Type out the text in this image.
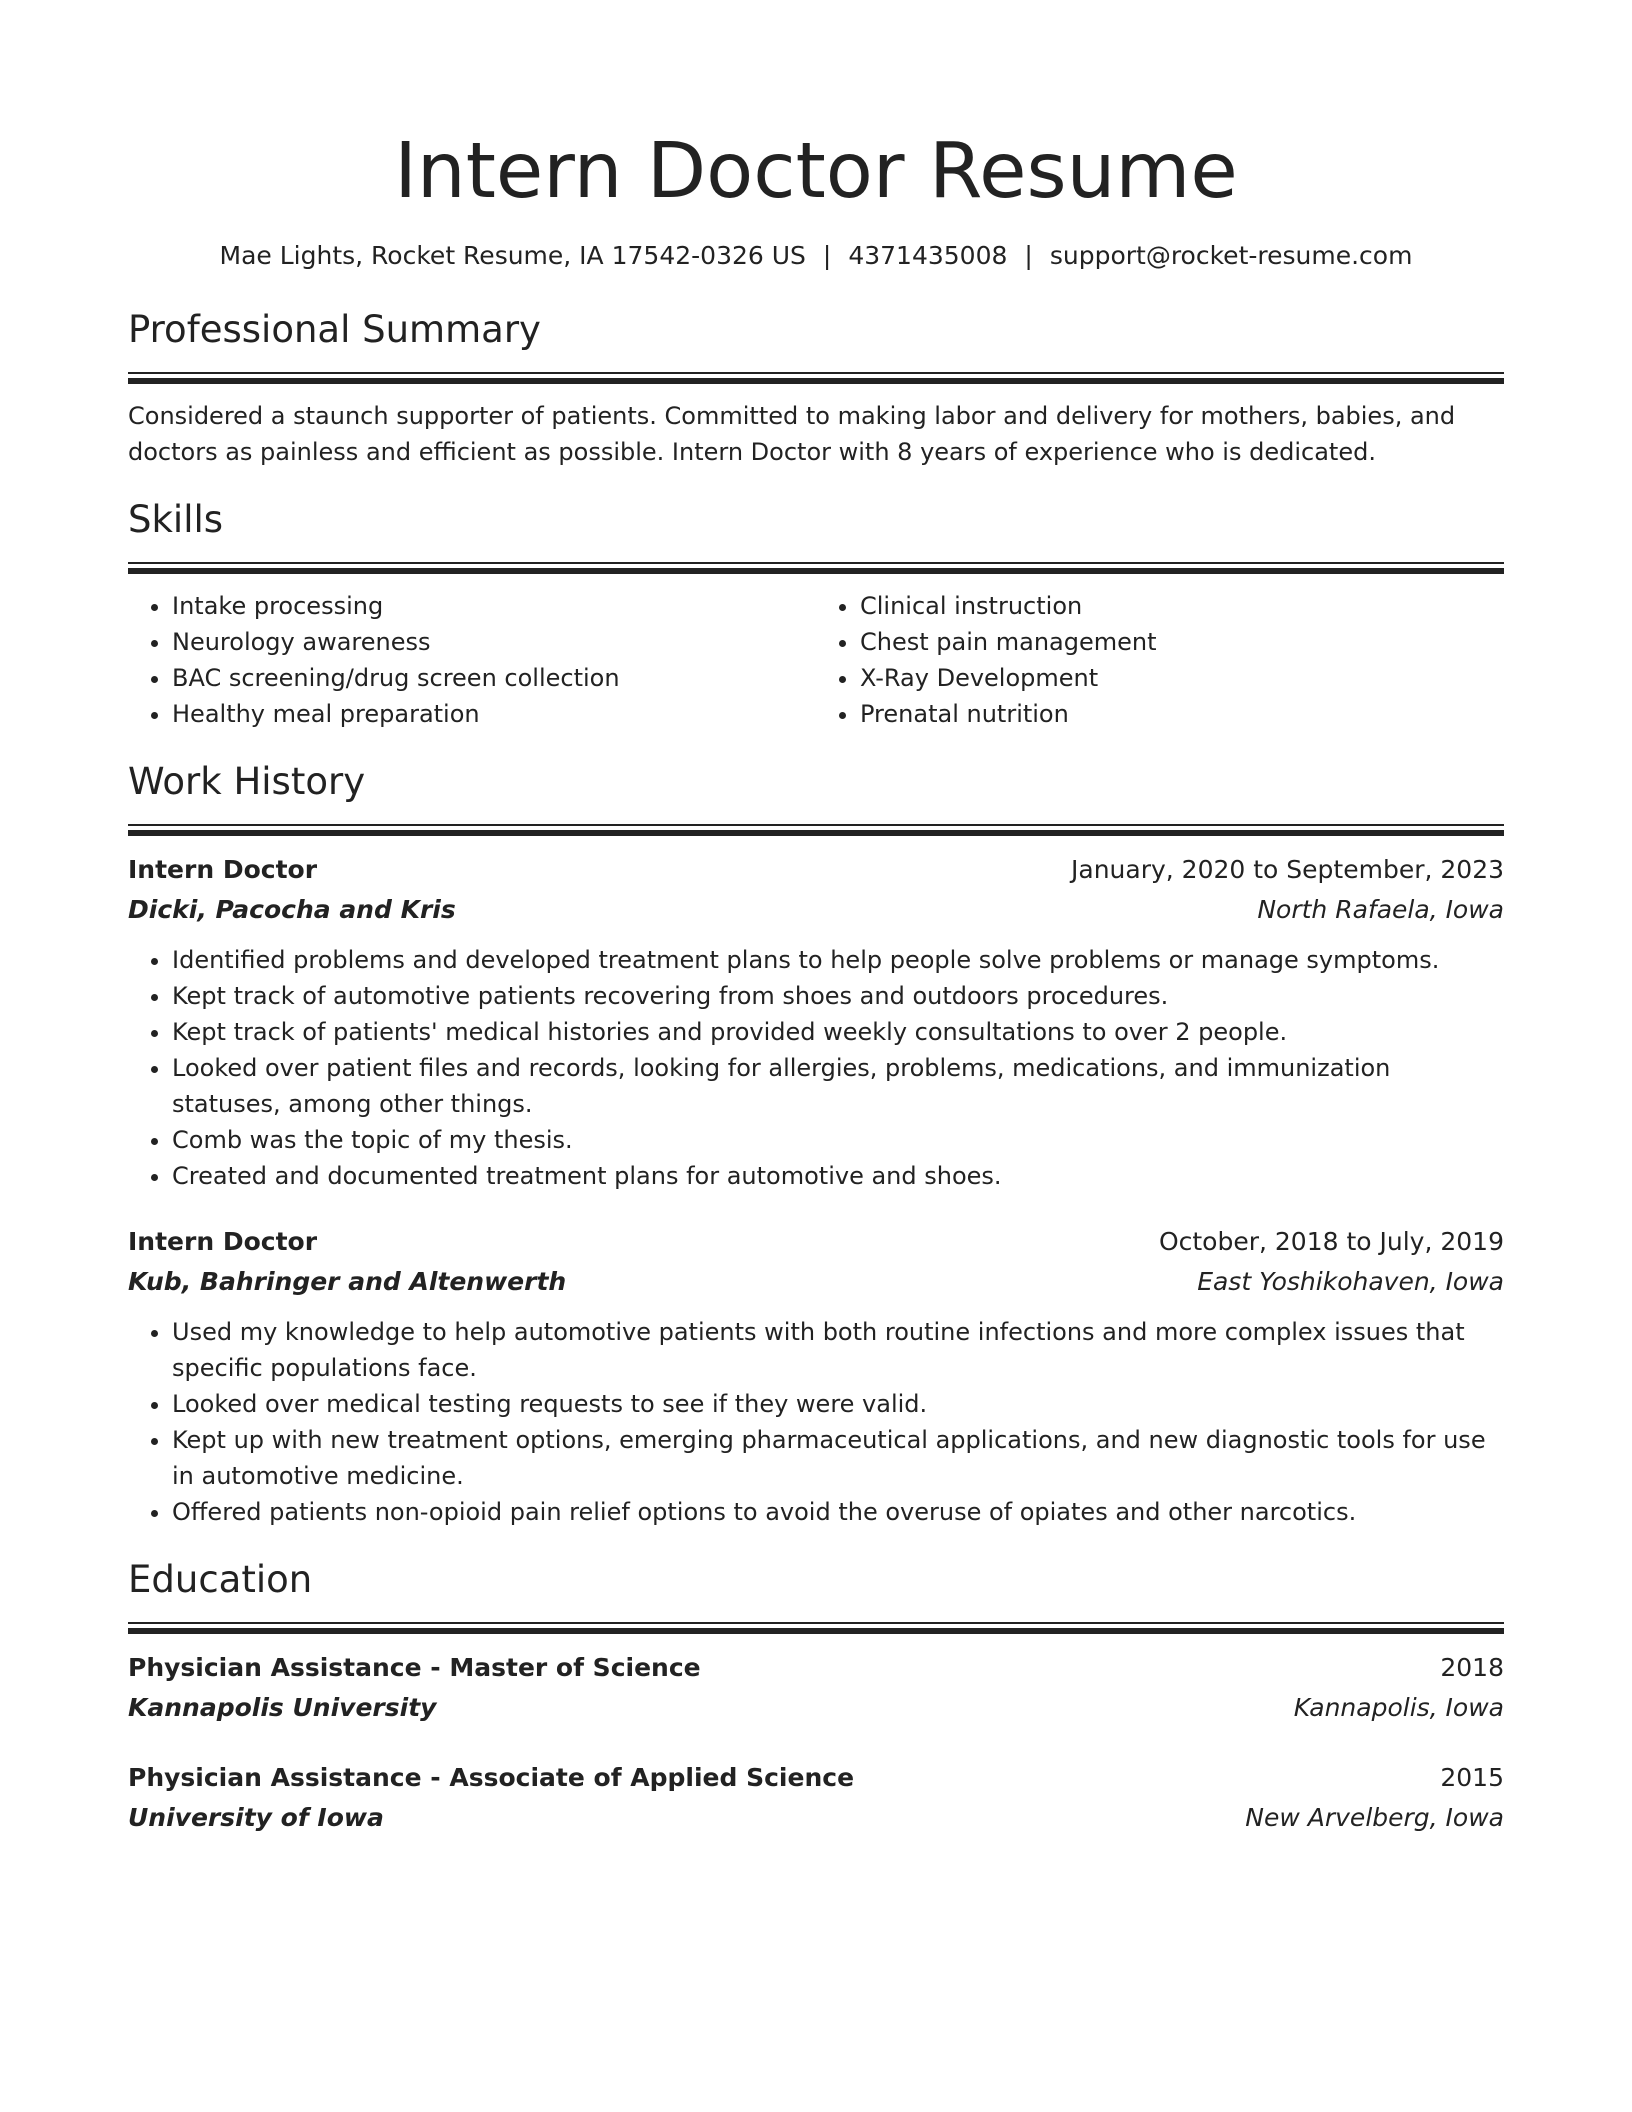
Intern Doctor Resume
Mae Lights, Rocket Resume, IA 17542-0326 US | 4371435008 | support@rocket-resume.com
Professional Summary

Considered a staunch supporter of patients. Committed to making labor and delivery for mothers, babies, and doctors as painless and efficient as possible. Intern Doctor with 8 years of experience who is dedicated.

Skills
• Intake processing
• Neurology awareness
• BAC screening/drug screen collection
• Healthy meal preparation
• Clinical instruction
• Chest pain management
• X-Ray Development
• Prenatal nutrition
Work History
Intern Doctor	January, 2020 to September, 2023
Dicki, Pacocha and Kris	North Rafaela, Iowa
• Identified problems and developed treatment plans to help people solve problems or manage symptoms.
• Kept track of automotive patients recovering from shoes and outdoors procedures.
• Kept track of patients' medical histories and provided weekly consultations to over 2 people.
• Looked over patient files and records, looking for allergies, problems, medications, and immunization statuses, among other things.
• Comb was the topic of my thesis.
• Created and documented treatment plans for automotive and shoes.
Intern Doctor	October, 2018 to July, 2019
Kub, Bahringer and Altenwerth	East Yoshikohaven, Iowa
• Used my knowledge to help automotive patients with both routine infections and more complex issues that specific populations face.
• Looked over medical testing requests to see if they were valid.
• Kept up with new treatment options, emerging pharmaceutical applications, and new diagnostic tools for use in automotive medicine.
• Offered patients non-opioid pain relief options to avoid the overuse of opiates and other narcotics.
Education
Physician Assistance - Master of Science	2018
Kannapolis University	Kannapolis, Iowa
Physician Assistance - Associate of Applied Science	2015
University of Iowa	New Arvelberg, Iowa
